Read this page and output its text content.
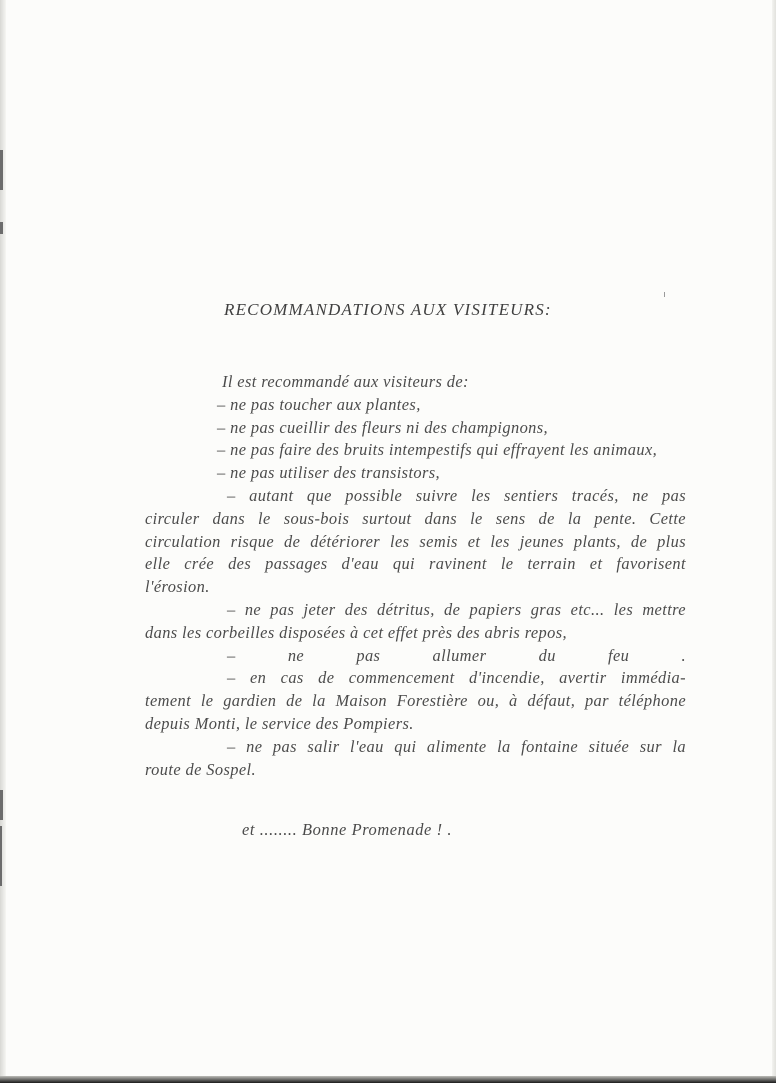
RECOMMANDATIONS AUX VISITEURS:
Il est recommandé aux visiteurs de:
– ne pas toucher aux plantes,
– ne pas cueillir des fleurs ni des champignons,
– ne pas faire des bruits intempestifs qui effrayent les animaux,
– ne pas utiliser des transistors,
– autant que possible suivre les sentiers tracés, ne pas
circuler dans le sous-bois surtout dans le sens de la pente. Cette
circulation risque de détériorer les semis et les jeunes plants, de plus
elle crée des passages d'eau qui ravinent le terrain et favorisent
l'érosion.
– ne pas jeter des détritus, de papiers gras etc... les mettre
dans les corbeilles disposées à cet effet près des abris repos,
– ne pas allumer du feu .
– en cas de commencement d'incendie, avertir immédia-
tement le gardien de la Maison Forestière ou, à défaut, par téléphone
depuis Monti, le service des Pompiers.
– ne pas salir l'eau qui alimente la fontaine située sur la
route de Sospel.
et ........ Bonne Promenade ! .
